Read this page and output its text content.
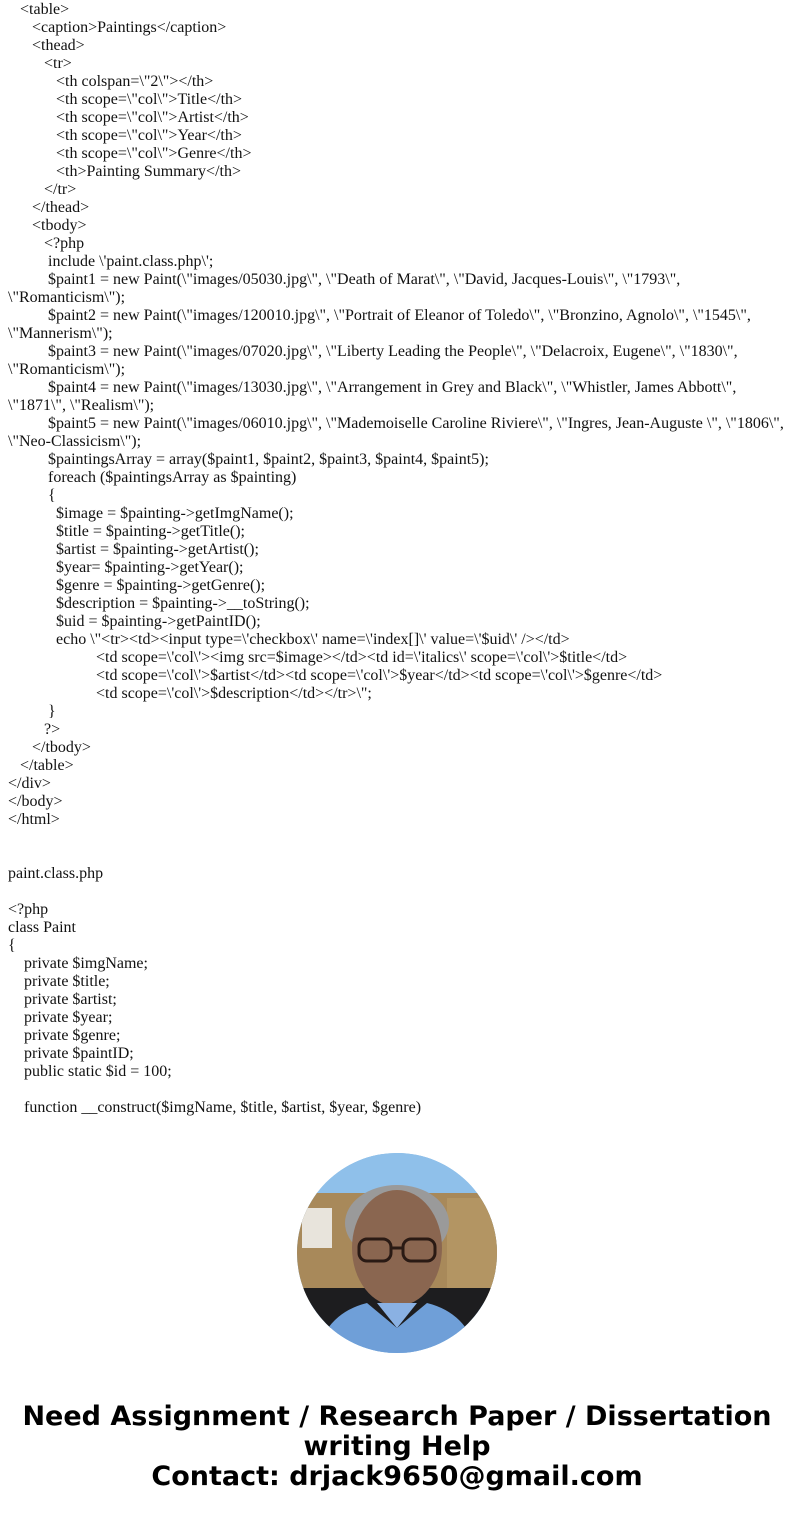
<table>
<caption>Paintings</caption>
<thead>
<tr>
<th colspan=\"2\"></th>
<th scope=\"col\">Title</th>
<th scope=\"col\">Artist</th>
<th scope=\"col\">Year</th>
<th scope=\"col\">Genre</th>
<th>Painting Summary</th>
</tr>
</thead>
<tbody>
<?php
include \'paint.class.php\';
$paint1 = new Paint(\"images/05030.jpg\", \"Death of Marat\", \"David, Jacques-Louis\", \"1793\", \"Romanticism\");
$paint2 = new Paint(\"images/120010.jpg\", \"Portrait of Eleanor of Toledo\", \"Bronzino, Agnolo\", \"1545\", \"Mannerism\");
$paint3 = new Paint(\"images/07020.jpg\", \"Liberty Leading the People\", \"Delacroix, Eugene\", \"1830\", \"Romanticism\");
$paint4 = new Paint(\"images/13030.jpg\", \"Arrangement in Grey and Black\", \"Whistler, James Abbott\", \"1871\", \"Realism\");
$paint5 = new Paint(\"images/06010.jpg\", \"Mademoiselle Caroline Riviere\", \"Ingres, Jean-Auguste \", \"1806\", \"Neo-Classicism\");
$paintingsArray = array($paint1, $paint2, $paint3, $paint4, $paint5);
foreach ($paintingsArray as $painting)
{
$image = $painting->getImgName();
$title = $painting->getTitle();
$artist = $painting->getArtist();
$year= $painting->getYear();
$genre = $painting->getGenre();
$description = $painting->__toString();
$uid = $painting->getPaintID();
echo \"<tr><td><input type=\'checkbox\' name=\'index[]\' value=\'$uid\' /></td>
<td scope=\'col\'><img src=$image></td><td id=\'italics\' scope=\'col\'>$title</td>
<td scope=\'col\'>$artist</td><td scope=\'col\'>$year</td><td scope=\'col\'>$genre</td>
<td scope=\'col\'>$description</td></tr>\";
}
?>
</tbody>
</table>
</div>
</body>
</html>
paint.class.php
<?php
class Paint
{
private $imgName;
private $title;
private $artist;
private $year;
private $genre;
private $paintID;
public static $id = 100;
function __construct($imgName, $title, $artist, $year, $genre)
Need Assignment / Research Paper / Dissertation
writing Help
Contact: drjack9650@gmail.com
